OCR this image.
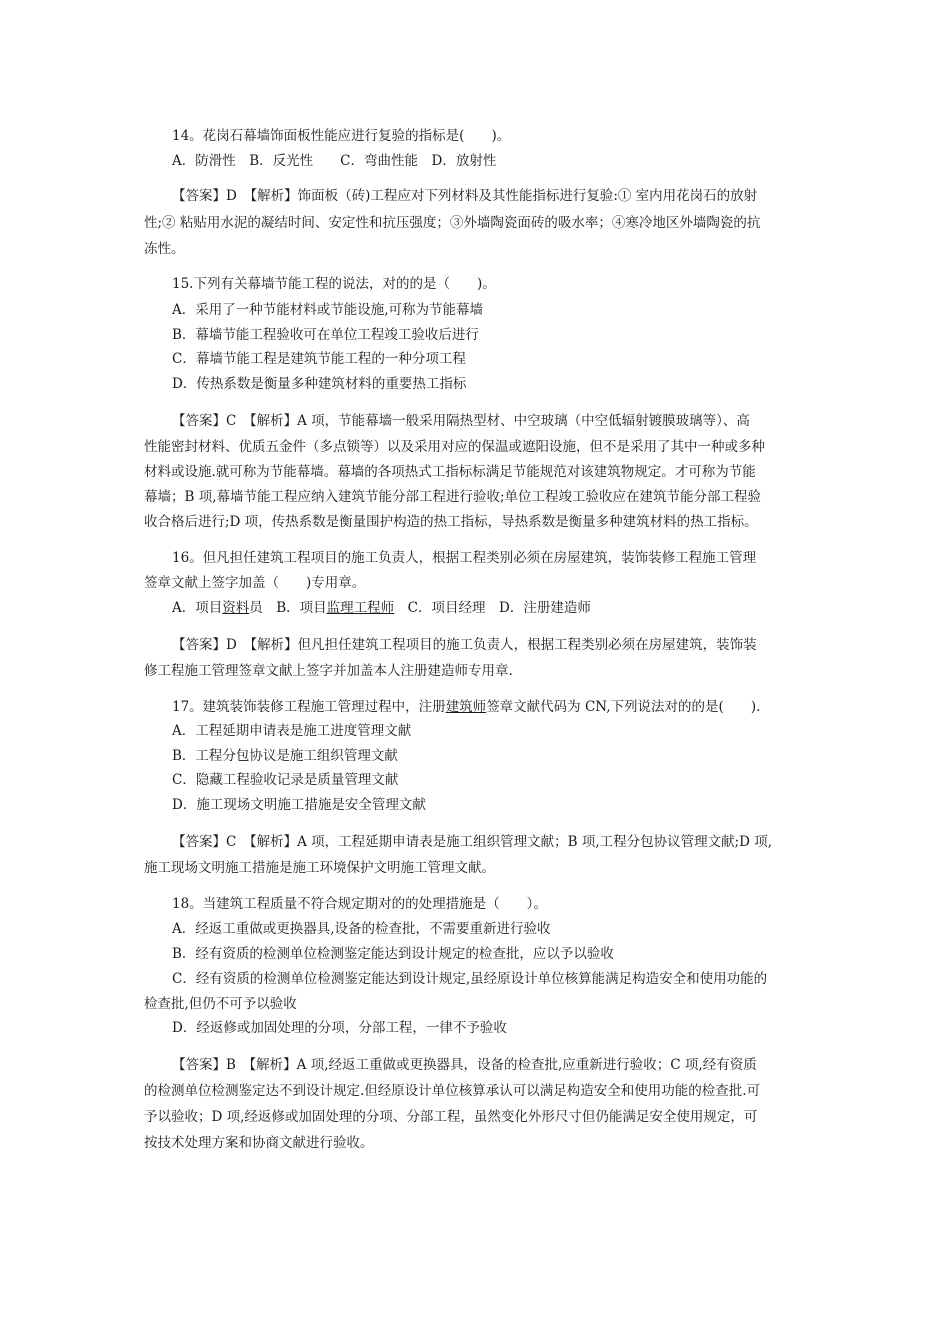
14。花岗石幕墙饰面板性能应进行复验的指标是(　　)。
A．防滑性　B．反光性　　C．弯曲性能　D．放射性
【答案】D　【解析】饰面板（砖)工程应对下列材料及其性能指标进行复验:① 室内用花岗石的放射
性;② 粘贴用水泥的凝结时间、安定性和抗压强度；③外墙陶瓷面砖的吸水率；④寒冷地区外墙陶瓷的抗
冻性。
15.下列有关幕墙节能工程的说法，对的的是（　　)。
A．采用了一种节能材料或节能设施,可称为节能幕墙
B．幕墙节能工程验收可在单位工程竣工验收后进行
C．幕墙节能工程是建筑节能工程的一种分项工程
D．传热系数是衡量多种建筑材料的重要热工指标
【答案】C　【解析】A 项，节能幕墙一般采用隔热型材、中空玻璃（中空低辐射镀膜玻璃等）、高
性能密封材料、优质五金件（多点锁等）以及采用对应的保温或遮阳设施，但不是采用了其中一种或多种
材料或设施.就可称为节能幕墙。幕墙的各项热式工指标标满足节能规范对该建筑物规定。才可称为节能
幕墙；B 项,幕墙节能工程应纳入建筑节能分部工程进行验收;单位工程竣工验收应在建筑节能分部工程验
收合格后进行;D 项，传热系数是衡量围护构造的热工指标，导热系数是衡量多种建筑材料的热工指标。
16。但凡担任建筑工程项目的施工负责人，根据工程类别必须在房屋建筑，装饰装修工程施工管理
签章文献上签字加盖（　　)专用章。
A．项目资料员　B．项目监理工程师　C．项目经理　D．注册建造师
【答案】D　【解析】但凡担任建筑工程项目的施工负责人，根据工程类别必须在房屋建筑，装饰装
修工程施工管理签章文献上签字并加盖本人注册建造师专用章.
17。建筑装饰装修工程施工管理过程中，注册建筑师签章文献代码为 CN,下列说法对的的是(　　).
A．工程延期申请表是施工进度管理文献
B．工程分包协议是施工组织管理文献
C．隐藏工程验收记录是质量管理文献
D．施工现场文明施工措施是安全管理文献
【答案】C　【解析】A 项，工程延期申请表是施工组织管理文献；B 项,工程分包协议管理文献;D 项,
施工现场文明施工措施是施工环境保护文明施工管理文献。
18。当建筑工程质量不符合规定期对的的处理措施是（　　）。
A．经返工重做或更换器具,设备的检查批，不需要重新进行验收
B．经有资质的检测单位检测鉴定能达到设计规定的检查批，应以予以验收
C．经有资质的检测单位检测鉴定能达到设计规定,虽经原设计单位核算能满足构造安全和使用功能的
检查批,但仍不可予以验收
D．经返修或加固处理的分项，分部工程，一律不予验收
【答案】B　【解析】A 项,经返工重做或更换器具，设备的检查批,应重新进行验收；C 项,经有资质
的检测单位检测鉴定达不到设计规定.但经原设计单位核算承认可以满足构造安全和使用功能的检查批.可
予以验收；D 项,经返修或加固处理的分项、分部工程，虽然变化外形尺寸但仍能满足安全使用规定，可
按技术处理方案和协商文献进行验收。
